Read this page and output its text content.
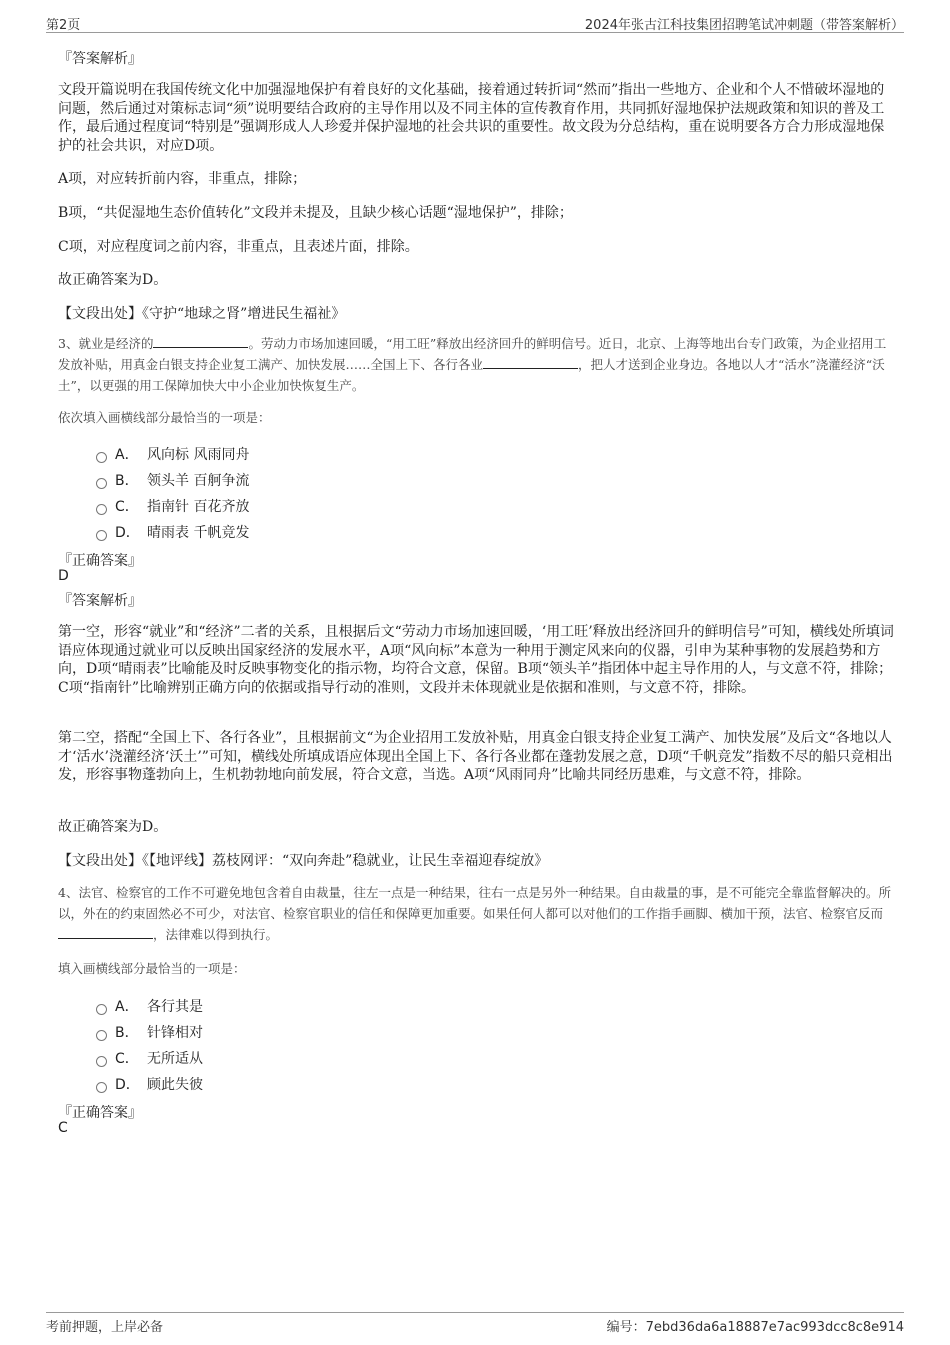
第2页	2024年张古江科技集团招聘笔试冲刺题（带答案解析）
『答案解析』
文段开篇说明在我国传统文化中加强湿地保护有着良好的文化基础，接着通过转折词“然而”指出一些地方、企业和个人不惜破坏湿地的问题，然后通过对策标志词“须”说明要结合政府的主导作用以及不同主体的宣传教育作用，共同抓好湿地保护法规政策和知识的普及工作，最后通过程度词“特别是”强调形成人人珍爱并保护湿地的社会共识的重要性。故文段为分总结构，重在说明要各方合力形成湿地保护的社会共识，对应D项。
A项，对应转折前内容，非重点，排除；
B项，“共促湿地生态价值转化”文段并未提及，且缺少核心话题“湿地保护”，排除；
C项，对应程度词之前内容，非重点，且表述片面，排除。
故正确答案为D。
【文段出处】《守护“地球之肾”增进民生福祉》
3、就业是经济的	。劳动力市场加速回暖，“用工旺”释放出经济回升的鲜明信号。近日，北京、上海等地出台专门政策，为企业招用工发放补贴，用真金白银支持企业复工满产、加快发展……全国上下、各行各业	，把人才送到企业身边。各地以人才“活水”浇灌经济“沃土”，以更强的用工保障加快大中小企业加快恢复生产。
依次填入画横线部分最恰当的一项是：
A． 风向标 风雨同舟
B． 领头羊 百舸争流
C． 指南针 百花齐放
D． 晴雨表 千帆竞发
『正确答案』
D
『答案解析』
第一空，形容“就业”和“经济”二者的关系，且根据后文“劳动力市场加速回暖，‘用工旺’释放出经济回升的鲜明信号”可知，横线处所填词语应体现通过就业可以反映出国家经济的发展水平，A项“风向标”本意为一种用于测定风来向的仪器，引申为某种事物的发展趋势和方向，D项“晴雨表”比喻能及时反映事物变化的指示物，均符合文意，保留。B项“领头羊”指团体中起主导作用的人，与文意不符，排除；C项“指南针”比喻辨别正确方向的依据或指导行动的准则，文段并未体现就业是依据和准则，与文意不符，排除。
第二空，搭配“全国上下、各行各业”，且根据前文“为企业招用工发放补贴，用真金白银支持企业复工满产、加快发展”及后文“各地以人才‘活水’浇灌经济‘沃土’”可知，横线处所填成语应体现出全国上下、各行各业都在蓬勃发展之意，D项“千帆竞发”指数不尽的船只竞相出发，形容事物蓬勃向上，生机勃勃地向前发展，符合文意，当选。A项“风雨同舟”比喻共同经历患难，与文意不符，排除。
故正确答案为D。
【文段出处】《【地评线】荔枝网评：“双向奔赴”稳就业，让民生幸福迎春绽放》
4、法官、检察官的工作不可避免地包含着自由裁量，往左一点是一种结果，往右一点是另外一种结果。自由裁量的事，是不可能完全靠监督解决的。所以，外在的约束固然必不可少，对法官、检察官职业的信任和保障更加重要。如果任何人都可以对他们的工作指手画脚、横加干预，法官、检察官反而，法律难以得到执行。
填入画横线部分最恰当的一项是：
A． 各行其是
B． 针锋相对
C． 无所适从
D． 顾此失彼
『正确答案』
C
考前押题，上岸必备	编号：7ebd36da6a18887e7ac993dcc8c8e914
